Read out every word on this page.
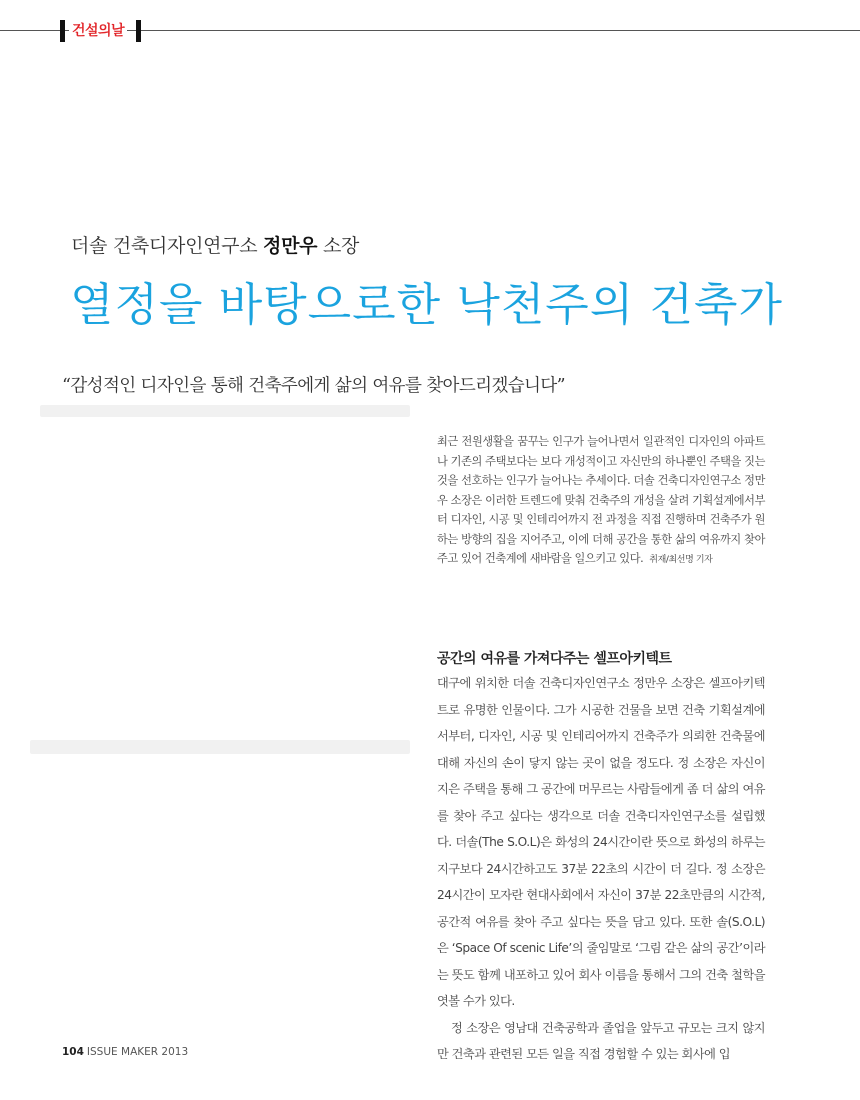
건설의날
더솔 건축디자인연구소 정만우 소장
열정을 바탕으로한 낙천주의 건축가
“감성적인 디자인을 통해 건축주에게 삶의 여유를 찾아드리겠습니다”
최근 전원생활을 꿈꾸는 인구가 늘어나면서 일관적인 디자인의 아파트나 기존의 주택보다는 보다 개성적이고 자신만의 하나뿐인 주택을 짓는 것을 선호하는 인구가 늘어나는 추세이다. 더솔 건축디자인연구소 정만우 소장은 이러한 트렌드에 맞춰 건축주의 개성을 살려 기획설계에서부터 디자인, 시공 및 인테리어까지 전 과정을 직접 진행하며 건축주가 원하는 방향의 집을 지어주고, 이에 더해 공간을 통한 삶의 여유까지 찾아주고 있어 건축계에 새바람을 일으키고 있다. 취재/최선명 기자
공간의 여유를 가져다주는 셀프아키텍트

대구에 위치한 더솔 건축디자인연구소 정만우 소장은 셀프아키텍트로 유명한 인물이다. 그가 시공한 건물을 보면 건축 기획설계에서부터, 디자인, 시공 및 인테리어까지 건축주가 의뢰한 건축물에 대해 자신의 손이 닿지 않는 곳이 없을 정도다. 정 소장은 자신이 지은 주택을 통해 그 공간에 머무르는 사람들에게 좀 더 삶의 여유를 찾아 주고 싶다는 생각으로 더솔 건축디자인연구소를 설립했다. 더솔(The S.O.L)은 화성의 24시간이란 뜻으로 화성의 하루는 지구보다 24시간하고도 37분 22초의 시간이 더 길다. 정 소장은 24시간이 모자란 현대사회에서 자신이 37분 22초만큼의 시간적, 공간적 여유를 찾아 주고 싶다는 뜻을 담고 있다. 또한 솔(S.O.L)은 ‘Space Of scenic Life’의 줄임말로 ‘그림 같은 삶의 공간’이라는 뜻도 함께 내포하고 있어 회사 이름을 통해서 그의 건축 철학을 엿볼 수가 있다.

정 소장은 영남대 건축공학과 졸업을 앞두고 규모는 크지 않지만 건축과 관련된 모든 일을 직접 경험할 수 있는 회사에 입

104 ISSUE MAKER 2013
